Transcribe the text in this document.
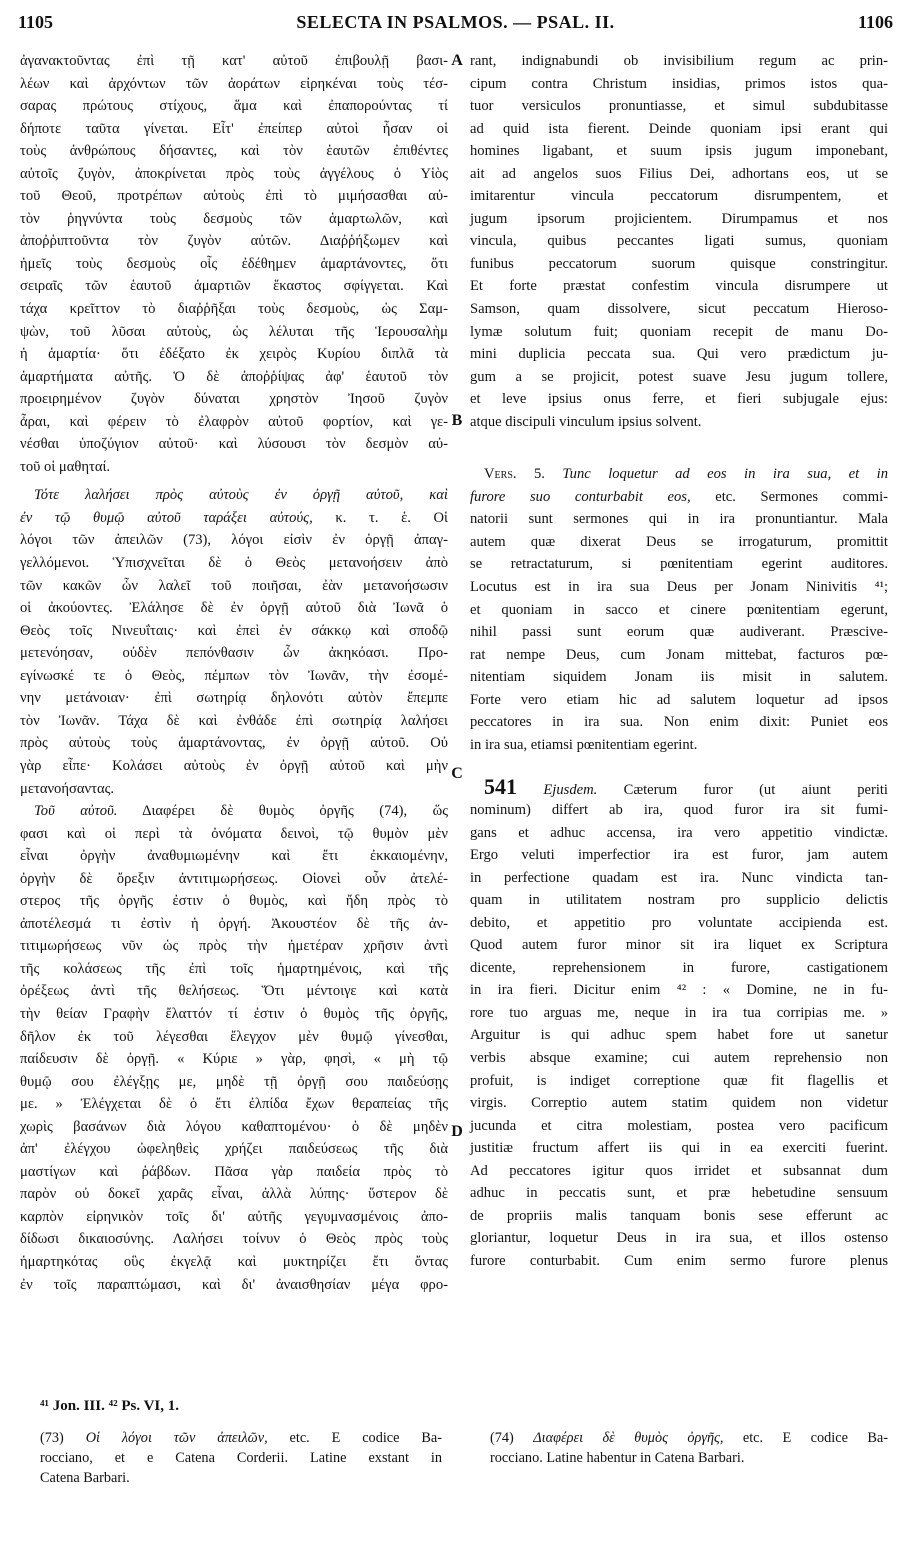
1105	SELECTA IN PSALMOS. — PSAL. II.	1106
A
B
C
D
ἀγανακτοῦντας ἐπὶ τῇ κατ' αὐτοῦ ἐπιβουλῇ βασι-
λέων καὶ ἀρχόντων τῶν ἀοράτων εἰρηκέναι τοὺς τέσ-
σαρας πρώτους στίχους, ἅμα καὶ ἐπαπορούντας τί
δήποτε ταῦτα γίνεται. Εἶτ' ἐπείπερ αὐτοὶ ἦσαν οἱ
τοὺς ἀνθρώπους δήσαντες, καὶ τὸν ἑαυτῶν ἐπιθέντες
αὐτοῖς ζυγὸν, ἀποκρίνεται πρὸς τοὺς ἀγγέλους ὁ Υἱὸς
τοῦ Θεοῦ, προτρέπων αὐτοὺς ἐπὶ τὸ μιμήσασθαι αὐ-
τὸν ῥηγνύντα τοὺς δεσμοὺς τῶν ἁμαρτωλῶν, καὶ
ἀποῤῥιπτοῦντα τὸν ζυγὸν αὐτῶν. Διαῤῥήξωμεν καὶ
ἡμεῖς τοὺς δεσμοὺς οἷς ἐδέθημεν ἁμαρτάνοντες, ὅτι
σειραῖς τῶν ἑαυτοῦ ἁμαρτιῶν ἕκαστος σφίγγεται. Καὶ
τάχα κρεῖττον τὸ διαῤῥῆξαι τοὺς δεσμοὺς, ὡς Σαμ-
ψὼν, τοῦ λῦσαι αὐτοὺς, ὡς λέλυται τῆς Ἱερουσαλὴμ
ἡ ἁμαρτία· ὅτι ἐδέξατο ἐκ χειρὸς Κυρίου διπλᾶ τὰ
ἁμαρτήματα αὐτῆς. Ὁ δὲ ἀποῤῥίψας ἀφ' ἑαυτοῦ τὸν
προειρημένον ζυγὸν δύναται χρηστὸν Ἰησοῦ ζυγὸν
ἆραι, καὶ φέρειν τὸ ἐλαφρὸν αὐτοῦ φορτίον, καὶ γε-
νέσθαι ὑποζύγιον αὐτοῦ· καὶ λύσουσι τὸν δεσμὸν αὐ-
τοῦ οἱ μαθηταί.
Τότε λαλήσει πρὸς αὐτοὺς ἐν ὀργῇ αὐτοῦ, καὶ
ἐν τῷ θυμῷ αὐτοῦ ταράξει αὐτούς, κ. τ. ἑ. Οἱ
λόγοι τῶν ἀπειλῶν (73), λόγοι εἰσὶν ἐν ὀργῇ ἀπαγ-
γελλόμενοι. Ὑπισχνεῖται δὲ ὁ Θεὸς μετανοήσειν ἀπὸ
τῶν κακῶν ὧν λαλεῖ τοῦ ποιῆσαι, ἐὰν μετανοήσωσιν
οἱ ἀκούοντες. Ἐλάλησε δὲ ἐν ὀργῇ αὐτοῦ διὰ Ἰωνᾶ ὁ
Θεὸς τοῖς Νινευΐταις· καὶ ἐπεὶ ἐν σάκκῳ καὶ σποδῷ
μετενόησαν, οὐδὲν πεπόνθασιν ὧν ἀκηκόασι. Προ-
εγίνωσκέ τε ὁ Θεὸς, πέμπων τὸν Ἰωνᾶν, τὴν ἐσομέ-
νην μετάνοιαν· ἐπὶ σωτηρίᾳ δηλονότι αὐτὸν ἔπεμπε
τὸν Ἰωνᾶν. Τάχα δὲ καὶ ἐνθάδε ἐπὶ σωτηρίᾳ λαλήσει
πρὸς αὐτοὺς τοὺς ἁμαρτάνοντας, ἐν ὀργῇ αὐτοῦ. Οὐ
γὰρ εἶπε· Κολάσει αὐτοὺς ἐν ὀργῇ αὐτοῦ καὶ μὴν
μετανοήσαντας.
Τοῦ αὐτοῦ. Διαφέρει δὲ θυμὸς ὀργῆς (74), ὥς
φασι καὶ οἱ περὶ τὰ ὀνόματα δεινοὶ, τῷ θυμὸν μὲν
εἶναι ὀργὴν ἀναθυμιωμένην καὶ ἔτι ἐκκαιομένην,
ὀργὴν δὲ ὄρεξιν ἀντιτιμωρήσεως. Οἱονεὶ οὖν ἀτελέ-
στερος τῆς ὀργῆς ἐστιν ὁ θυμὸς, καὶ ἤδη πρὸς τὸ
ἀποτέλεσμά τι ἐστὶν ἡ ὀργή. Ἀκουστέον δὲ τῆς ἀν-
τιτιμωρήσεως νῦν ὡς πρὸς τὴν ἡμετέραν χρῆσιν ἀντὶ
τῆς κολάσεως τῆς ἐπὶ τοῖς ἡμαρτημένοις, καὶ τῆς
ὀρέξεως ἀντὶ τῆς θελήσεως. Ὅτι μέντοιγε καὶ κατὰ
τὴν θείαν Γραφὴν ἔλαττόν τί ἐστιν ὁ θυμὸς τῆς ὀργῆς,
δῆλον ἐκ τοῦ λέγεσθαι ἔλεγχον μὲν θυμῷ γίνεσθαι,
παίδευσιν δὲ ὀργῇ. « Κύριε » γὰρ, φησὶ, « μὴ τῷ
θυμῷ σου ἐλέγξῃς με, μηδὲ τῇ ὀργῇ σου παιδεύσῃς
με. » Ἐλέγχεται δὲ ὁ ἔτι ἐλπίδα ἔχων θεραπείας τῆς
χωρὶς βασάνων διὰ λόγου καθαπτομένου· ὁ δὲ μηδὲν
ἀπ' ἐλέγχου ὠφεληθεὶς χρήζει παιδεύσεως τῆς διὰ
μαστίγων καὶ ῥάβδων. Πᾶσα γὰρ παιδεία πρὸς τὸ
παρὸν οὐ δοκεῖ χαρᾶς εἶναι, ἀλλὰ λύπης· ὕστερον δὲ
καρπὸν εἰρηνικὸν τοῖς δι' αὐτῆς γεγυμνασμένοις ἀπο-
δίδωσι δικαιοσύνης. Λαλήσει τοίνυν ὁ Θεὸς πρὸς τοὺς
ἡμαρτηκότας οὓς ἐκγελᾷ καὶ μυκτηρίζει ἔτι ὄντας
ἐν τοῖς παραπτώμασι, καὶ δι' ἀναισθησίαν μέγα φρο-
rant, indignabundi ob invisibilium regum ac prin-
cipum contra Christum insidias, primos istos qua-
tuor versiculos pronuntiasse, et simul subdubitasse
ad quid ista fierent. Deinde quoniam ipsi erant qui
homines ligabant, et suum ipsis jugum imponebant,
ait ad angelos suos Filius Dei, adhortans eos, ut se
imitarentur vincula peccatorum disrumpentem, et
jugum ipsorum projicientem. Dirumpamus et nos
vincula, quibus peccantes ligati sumus, quoniam
funibus peccatorum suorum quisque constringitur.
Et forte præstat confestim vincula disrumpere ut
Samson, quam dissolvere, sicut peccatum Hieroso-
lymæ solutum fuit; quoniam recepit de manu Do-
mini duplicia peccata sua. Qui vero prædictum ju-
gum a se projicit, potest suave Jesu jugum tollere,
et leve ipsius onus ferre, et fieri subjugale ejus:
atque discipuli vinculum ipsius solvent.
Vers. 5. Tunc loquetur ad eos in ira sua, et in
furore suo conturbabit eos, etc. Sermones commi-
natorii sunt sermones qui in ira pronuntiantur. Mala
autem quæ dixerat Deus se irrogaturum, promittit
se retractaturum, si pœnitentiam egerint auditores.
Locutus est in ira sua Deus per Jonam Ninivitis ⁴¹;
et quoniam in sacco et cinere pœnitentiam egerunt,
nihil passi sunt eorum quæ audiverant. Præscive-
rat nempe Deus, cum Jonam mittebat, facturos pœ-
nitentiam siquidem Jonam iis misit in salutem.
Forte vero etiam hic ad salutem loquetur ad ipsos
peccatores in ira sua. Non enim dixit: Puniet eos
in ira sua, etiamsi pœnitentiam egerint.
541 Ejusdem. Cæterum furor (ut aiunt periti
nominum) differt ab ira, quod furor ira sit fumi-
gans et adhuc accensa, ira vero appetitio vindictæ.
Ergo veluti imperfectior ira est furor, jam autem
in perfectione quadam est ira. Nunc vindicta tan-
quam in utilitatem nostram pro supplicio delictis
debito, et appetitio pro voluntate accipienda est.
Quod autem furor minor sit ira liquet ex Scriptura
dicente, reprehensionem in furore, castigationem
in ira fieri. Dicitur enim ⁴² : « Domine, ne in fu-
rore tuo arguas me, neque in ira tua corripias me. »
Arguitur is qui adhuc spem habet fore ut sanetur
verbis absque examine; cui autem reprehensio non
profuit, is indiget correptione quæ fit flagellis et
virgis. Correptio autem statim quidem non videtur
jucunda et citra molestiam, postea vero pacificum
justitiæ fructum affert iis qui in ea exerciti fuerint.
Ad peccatores igitur quos irridet et subsannat dum
adhuc in peccatis sunt, et præ hebetudine sensuum
de propriis malis tanquam bonis sese efferunt ac
gloriantur, loquetur Deus in ira sua, et illos ostenso
furore conturbabit. Cum enim sermo furore plenus
⁴¹ Jon. III. ⁴² Ps. VI, 1.
(73) Οἱ λόγοι τῶν ἀπειλῶν, etc. E codice Ba-
rocciano, et e Catena Corderii. Latine exstant in
Catena Barbari.
(74) Διαφέρει δὲ θυμὸς ὀργῆς, etc. E codice Ba-
rocciano. Latine habentur in Catena Barbari.
